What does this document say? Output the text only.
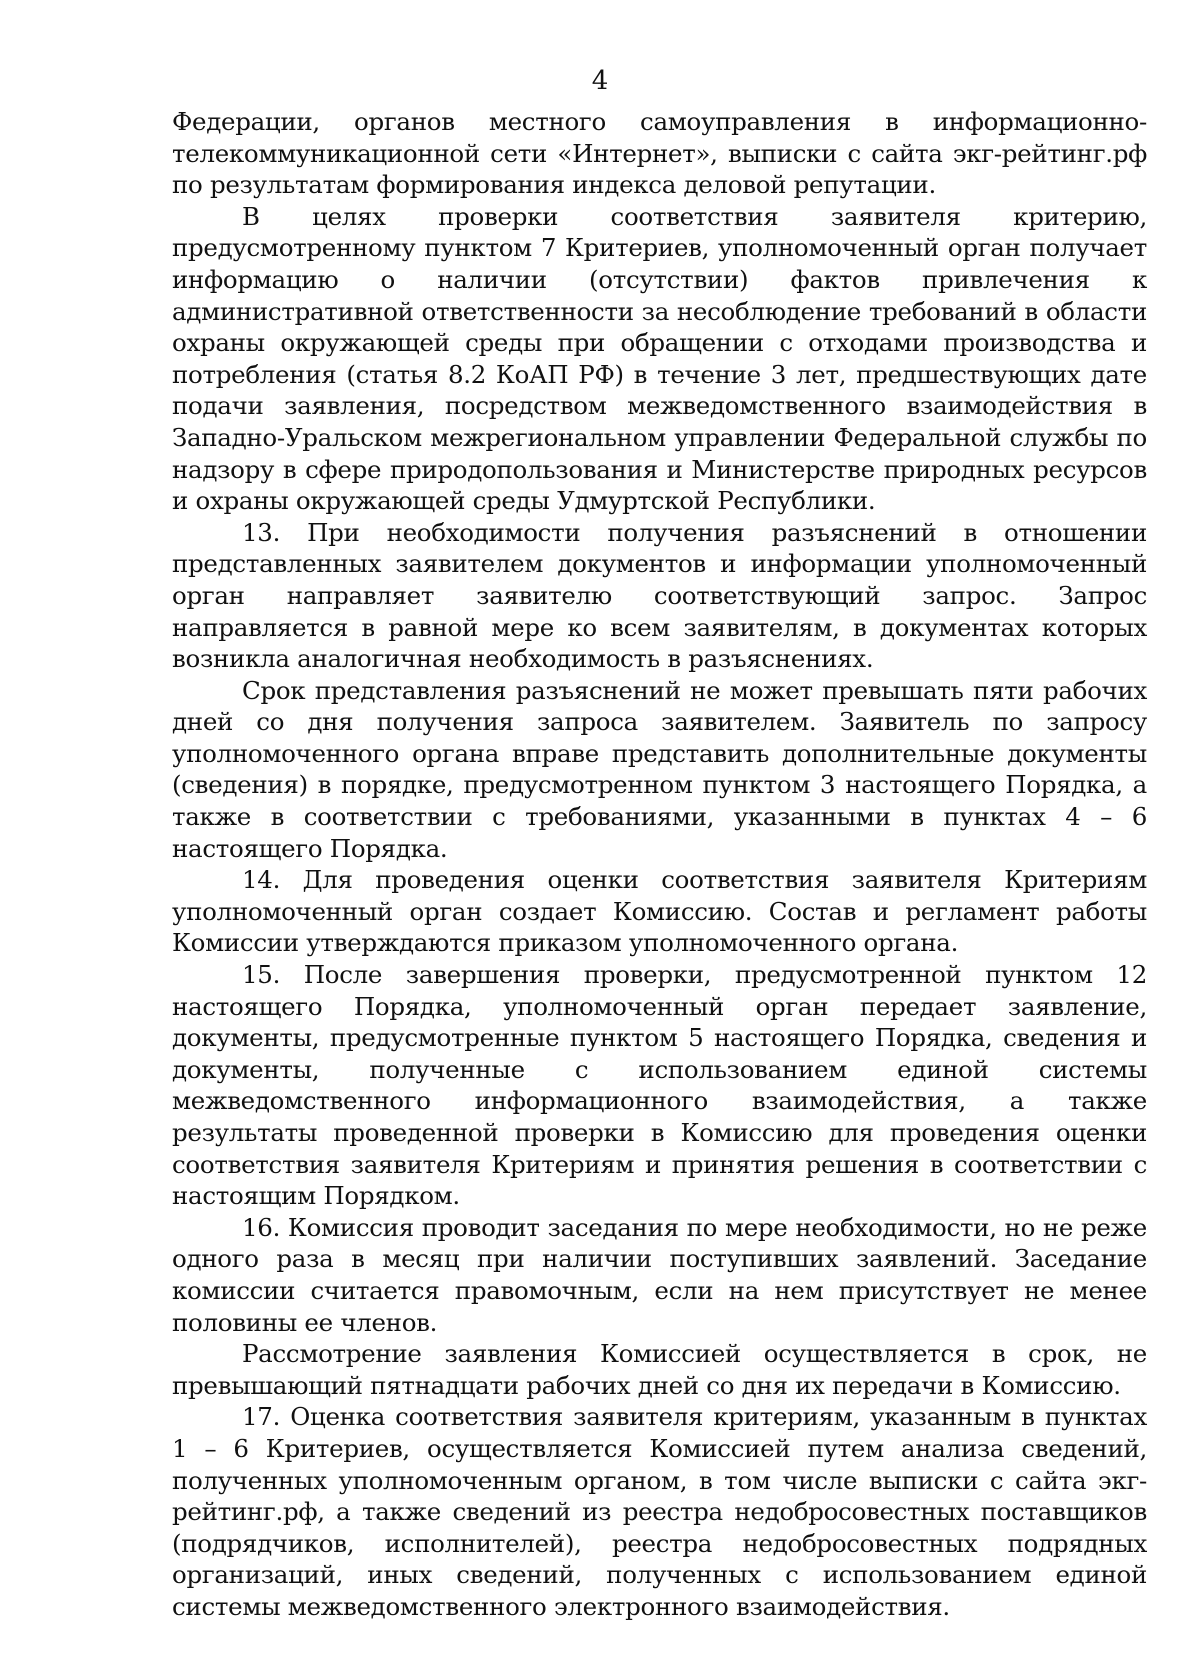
4

Федерации, органов местного самоуправления в информационно-телекоммуникационной сети «Интернет», выписки с сайта экг-рейтинг.рф по результатам формирования индекса деловой репутации.

В целях проверки соответствия заявителя критерию, предусмотренному пунктом 7 Критериев, уполномоченный орган получает информацию о наличии (отсутствии) фактов привлечения к административной ответственности за несоблюдение требований в области охраны окружающей среды при обращении с отходами производства и потребления (статья 8.2 КоАП РФ) в течение 3 лет, предшествующих дате подачи заявления, посредством межведомственного взаимодействия в Западно-Уральском межрегиональном управлении Федеральной службы по надзору в сфере природопользования и Министерстве природных ресурсов и охраны окружающей среды Удмуртской Республики.

13. При необходимости получения разъяснений в отношении представленных заявителем документов и информации уполномоченный орган направляет заявителю соответствующий запрос. Запрос направляется в равной мере ко всем заявителям, в документах которых возникла аналогичная необходимость в разъяснениях.

Срок представления разъяснений не может превышать пяти рабочих дней со дня получения запроса заявителем. Заявитель по запросу уполномоченного органа вправе представить дополнительные документы (сведения) в порядке, предусмотренном пунктом 3 настоящего Порядка, а также в соответствии с требованиями, указанными в пунктах 4 – 6 настоящего Порядка.

14. Для проведения оценки соответствия заявителя Критериям уполномоченный орган создает Комиссию. Состав и регламент работы Комиссии утверждаются приказом уполномоченного органа.

15. После завершения проверки, предусмотренной пунктом 12 настоящего Порядка, уполномоченный орган передает заявление, документы, предусмотренные пунктом 5 настоящего Порядка, сведения и документы, полученные с использованием единой системы межведомственного информационного взаимодействия, а также результаты проведенной проверки в Комиссию для проведения оценки соответствия заявителя Критериям и принятия решения в соответствии с настоящим Порядком.

16. Комиссия проводит заседания по мере необходимости, но не реже одного раза в месяц при наличии поступивших заявлений. Заседание комиссии считается правомочным, если на нем присутствует не менее половины ее членов.

Рассмотрение заявления Комиссией осуществляется в срок, не превышающий пятнадцати рабочих дней со дня их передачи в Комиссию.

17. Оценка соответствия заявителя критериям, указанным в пунктах 1 – 6 Критериев, осуществляется Комиссией путем анализа сведений, полученных уполномоченным органом, в том числе выписки с сайта экг-рейтинг.рф, а также сведений из реестра недобросовестных поставщиков (подрядчиков, исполнителей), реестра недобросовестных подрядных организаций, иных сведений, полученных с использованием единой системы межведомственного электронного взаимодействия.
